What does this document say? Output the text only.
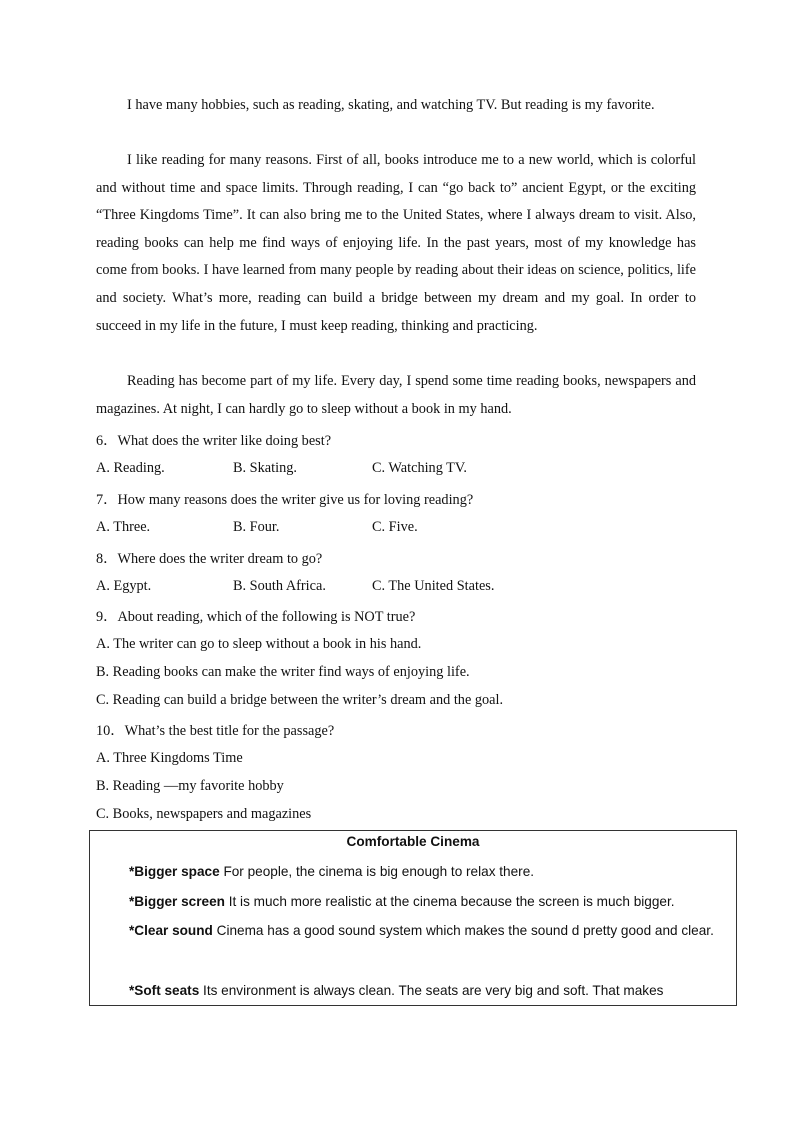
I have many hobbies, such as reading, skating, and watching TV. But reading is my favorite.

I like reading for many reasons. First of all, books introduce me to a new world, which is colorful and without time and space limits. Through reading, I can “go back to” ancient Egypt, or the exciting “Three Kingdoms Time”. It can also bring me to the United States, where I always dream to visit. Also, reading books can help me find ways of enjoying life. In the past years, most of my knowledge has come from books. I have learned from many people by reading about their ideas on science, politics, life and society. What’s more, reading can build a bridge between my dream and my goal. In order to succeed in my life in the future, I must keep reading, thinking and practicing.

Reading has become part of my life. Every day, I spend some time reading books, newspapers and magazines. At night, I can hardly go to sleep without a book in my hand.

6．What does the writer like doing best?

A. Reading.	B. Skating.	C. Watching TV.

7．How many reasons does the writer give us for loving reading?

A. Three.	B. Four.	C. Five.

8．Where does the writer dream to go?

A. Egypt.	B. South Africa.	C. The United States.

9．About reading, which of the following is NOT true?

A. The writer can go to sleep without a book in his hand.

B. Reading books can make the writer find ways of enjoying life.

C. Reading can build a bridge between the writer’s dream and the goal.

10．What’s the best title for the passage?

A. Three Kingdoms Time

B. Reading —my favorite hobby

C. Books, newspapers and magazines

Comfortable Cinema

*Bigger space For people, the cinema is big enough to relax there.

*Bigger screen It is much more realistic at the cinema because the screen is much bigger.

*Clear sound Cinema has a good sound system which makes the sound d pretty good and clear.

*Soft seats Its environment is always clean. The seats are very big and soft. That makes
